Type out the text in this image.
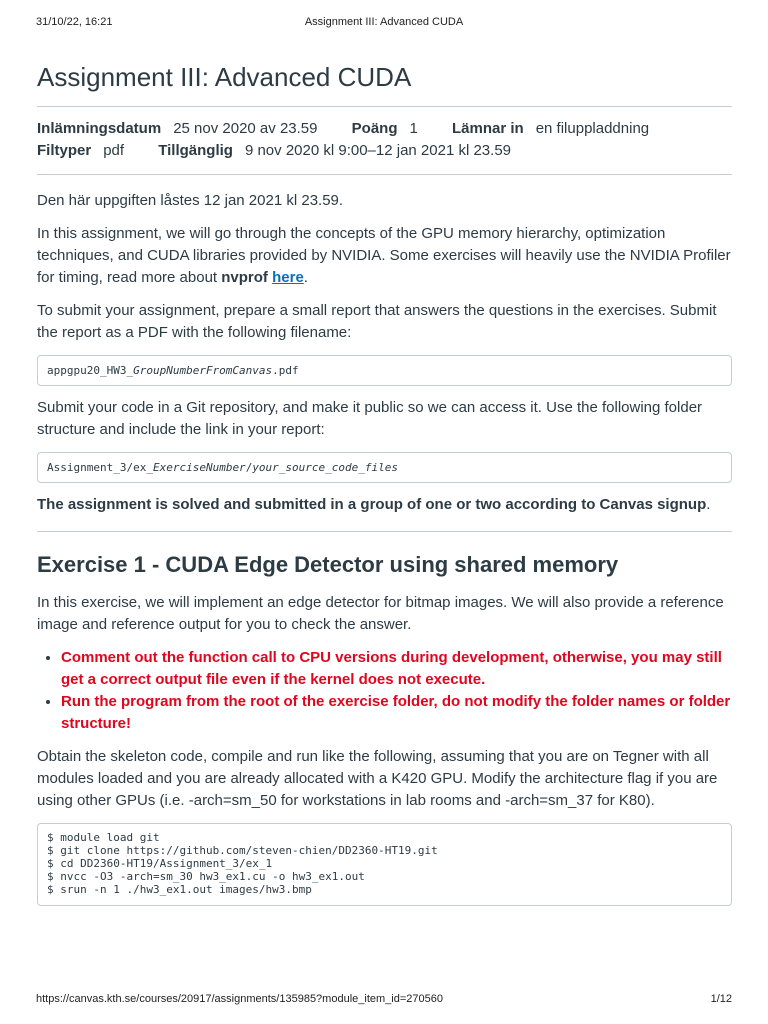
31/10/22, 16:21	Assignment III: Advanced CUDA
Assignment III: Advanced CUDA
Inlämningsdatum 25 nov 2020 av 23.59 Poäng 1 Lämnar in en filuppladdning
Filtyper pdf Tillgänglig 9 nov 2020 kl 9:00–12 jan 2021 kl 23.59

Den här uppgiften låstes 12 jan 2021 kl 23.59.

In this assignment, we will go through the concepts of the GPU memory hierarchy, optimization techniques, and CUDA libraries provided by NVIDIA. Some exercises will heavily use the NVIDIA Profiler for timing, read more about nvprof here.

To submit your assignment, prepare a small report that answers the questions in the exercises. Submit the report as a PDF with the following filename:

appgpu20_HW3_GroupNumberFromCanvas.pdf

Submit your code in a Git repository, and make it public so we can access it. Use the following folder structure and include the link in your report:

Assignment_3/ex_ExerciseNumber/your_source_code_files

The assignment is solved and submitted in a group of one or two according to Canvas signup.

Exercise 1 - CUDA Edge Detector using shared memory

In this exercise, we will implement an edge detector for bitmap images. We will also provide a reference image and reference output for you to check the answer.

• Comment out the function call to CPU versions during development, otherwise, you may still get a correct output file even if the kernel does not execute.
• Run the program from the root of the exercise folder, do not modify the folder names or folder structure!

Obtain the skeleton code, compile and run like the following, assuming that you are on Tegner with all modules loaded and you are already allocated with a K420 GPU. Modify the architecture flag if you are using other GPUs (i.e. -arch=sm_50 for workstations in lab rooms and -arch=sm_37 for K80).

$ module load git
$ git clone https://github.com/steven-chien/DD2360-HT19.git
$ cd DD2360-HT19/Assignment_3/ex_1
$ nvcc -O3 -arch=sm_30 hw3_ex1.cu -o hw3_ex1.out
$ srun -n 1 ./hw3_ex1.out images/hw3.bmp
https://canvas.kth.se/courses/20917/assignments/135985?module_item_id=270560	1/12
